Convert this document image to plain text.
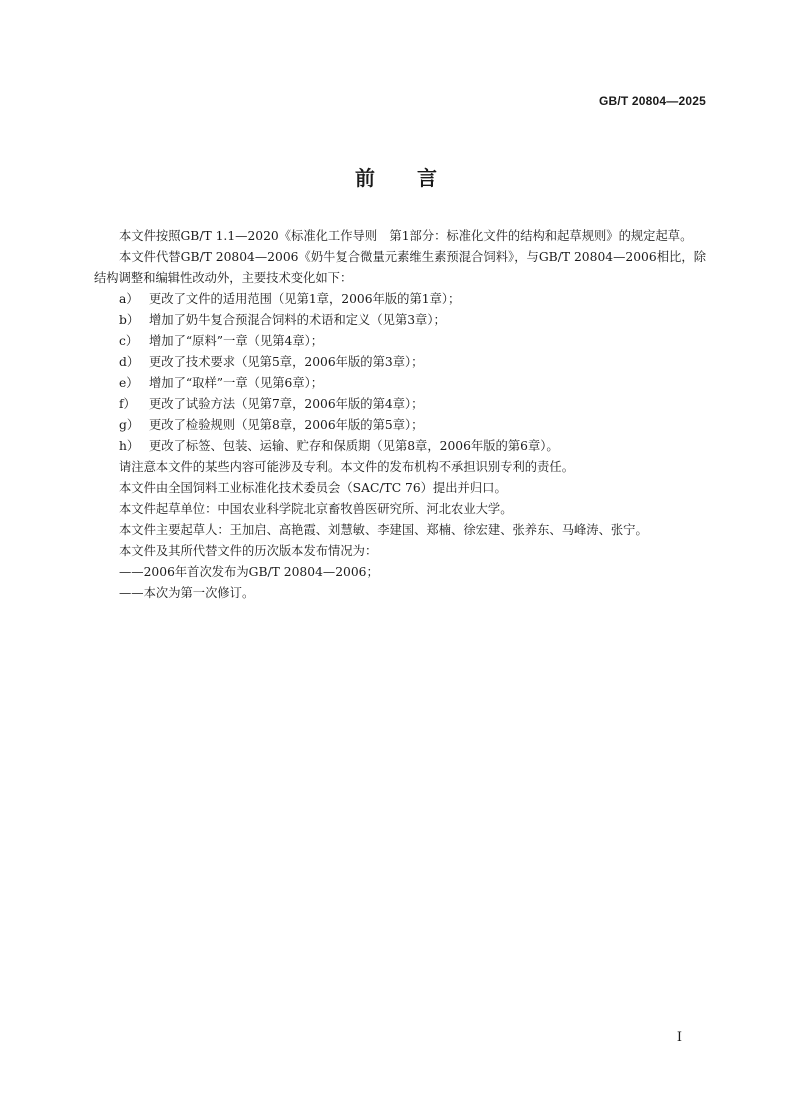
GB/T 20804—2025
前言
本文件按照GB/T 1.1—2020《标准化工作导则　第1部分：标准化文件的结构和起草规则》的规定起草。
本文件代替GB/T 20804—2006《奶牛复合微量元素维生素预混合饲料》，与GB/T 20804—2006相比，除结构调整和编辑性改动外，主要技术变化如下：
a） 更改了文件的适用范围（见第1章，2006年版的第1章）；
b） 增加了奶牛复合预混合饲料的术语和定义（见第3章）；
c） 增加了“原料”一章（见第4章）；
d） 更改了技术要求（见第5章，2006年版的第3章）；
e） 增加了“取样”一章（见第6章）；
f） 更改了试验方法（见第7章，2006年版的第4章）；
g） 更改了检验规则（见第8章，2006年版的第5章）；
h） 更改了标签、包装、运输、贮存和保质期（见第8章，2006年版的第6章）。
请注意本文件的某些内容可能涉及专利。本文件的发布机构不承担识别专利的责任。
本文件由全国饲料工业标准化技术委员会（SAC/TC 76）提出并归口。
本文件起草单位：中国农业科学院北京畜牧兽医研究所、河北农业大学。
本文件主要起草人：王加启、高艳霞、刘慧敏、李建国、郑楠、徐宏建、张养东、马峰涛、张宁。
本文件及其所代替文件的历次版本发布情况为：
——2006年首次发布为GB/T 20804—2006；
——本次为第一次修订。
I
